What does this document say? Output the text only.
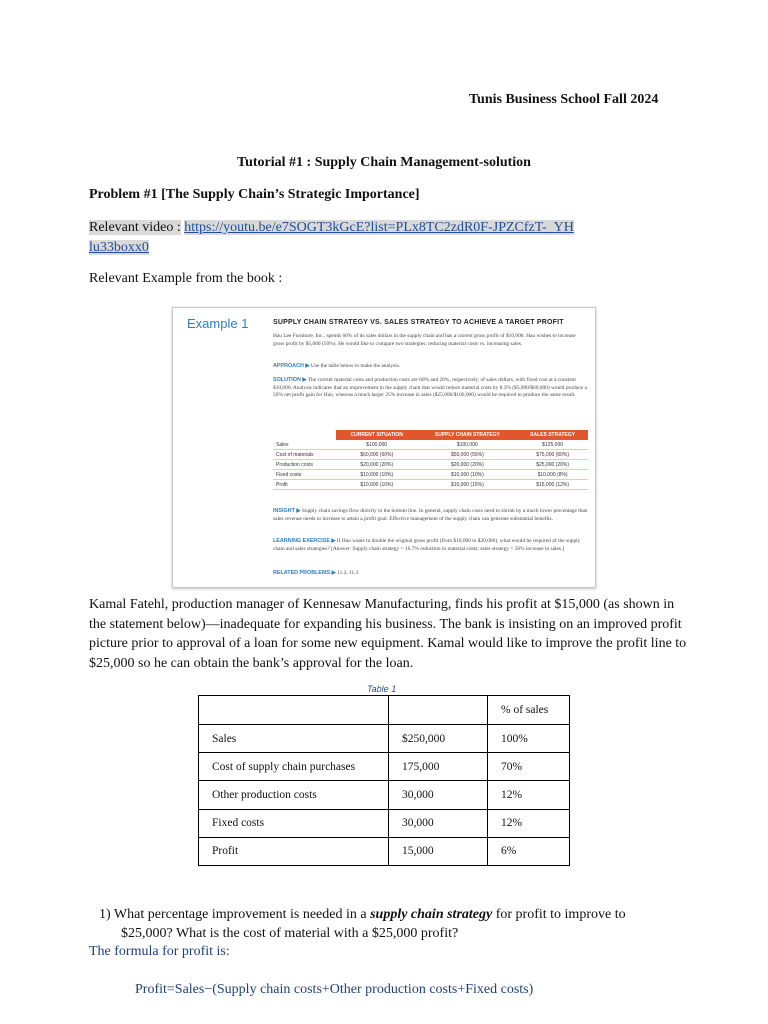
Tunis Business School Fall 2024
Tutorial #1 : Supply Chain Management-solution
Problem #1 [The Supply Chain’s Strategic Importance]
Relevant video : https://youtu.be/e7SOGT3kGcE?list=PLx8TC2zdR0F-JPZCfzT-_YH
lu33boxx0
Relevant Example from the book :
Example 1	SUPPLY CHAIN STRATEGY VS. SALES STRATEGY TO ACHIEVE A TARGET PROFIT
Hau Lee Furniture, Inc., spends 60% of its sales dollars in the supply chain and has a current gross profit of $10,000. Hau wishes to increase gross profit by $5,000 (50%). He would like to compare two strategies: reducing material costs vs. increasing sales.
APPROACH ▶ Use the table below to make the analysis.
SOLUTION ▶ The current material costs and production costs are 60% and 20%, respectively, of sales dollars, with fixed cost at a constant $10,000. Analysis indicates that an improvement in the supply chain that would reduce material costs by 8.3% ($5,000/$60,000) would produce a 50% net profit gain for Hau, whereas a much larger 25% increase in sales ($25,000/$100,000) would be required to produce the same result.
	CURRENT SITUATION	SUPPLY CHAIN STRATEGY	SALES STRATEGY
Sales	$100,000	$100,000	$125,000
Cost of materials	$60,000 (60%)	$55,000 (55%)	$75,000 (60%)
Production costs	$20,000 (20%)	$20,000 (20%)	$25,000 (20%)
Fixed costs	$10,000 (10%)	$10,000 (10%)	$10,000 (8%)
Profit	$10,000 (10%)	$15,000 (15%)	$15,000 (12%)
INSIGHT ▶ Supply chain savings flow directly to the bottom line. In general, supply chain costs need to shrink by a much lower percentage than sales revenue needs to increase to attain a profit goal. Effective management of the supply chain can generate substantial benefits.
LEARNING EXERCISE ▶ If Hau wants to double the original gross profit (from $10,000 to $20,000), what would be required of the supply chain and sales strategies? [Answer: Supply chain strategy = 16.7% reduction in material costs; sales strategy = 50% increase in sales.]
RELATED PROBLEMS ▶ 11.2, 11.3
Kamal Fatehl, production manager of Kennesaw Manufacturing, finds his profit at $15,000 (as shown in the statement below)—inadequate for expanding his business. The bank is insisting on an improved profit picture prior to approval of a loan for some new equipment. Kamal would like to improve the profit line to $25,000 so he can obtain the bank’s approval for the loan.
Table 1
		% of sales
Sales	$250,000	100%
Cost of supply chain purchases	175,000	70%
Other production costs	30,000	12%
Fixed costs	30,000	12%
Profit	15,000	6%
1) What percentage improvement is needed in a supply chain strategy for profit to improve to
$25,000? What is the cost of material with a $25,000 profit?
The formula for profit is:
Profit=Sales−(Supply chain costs+Other production costs+Fixed costs)
